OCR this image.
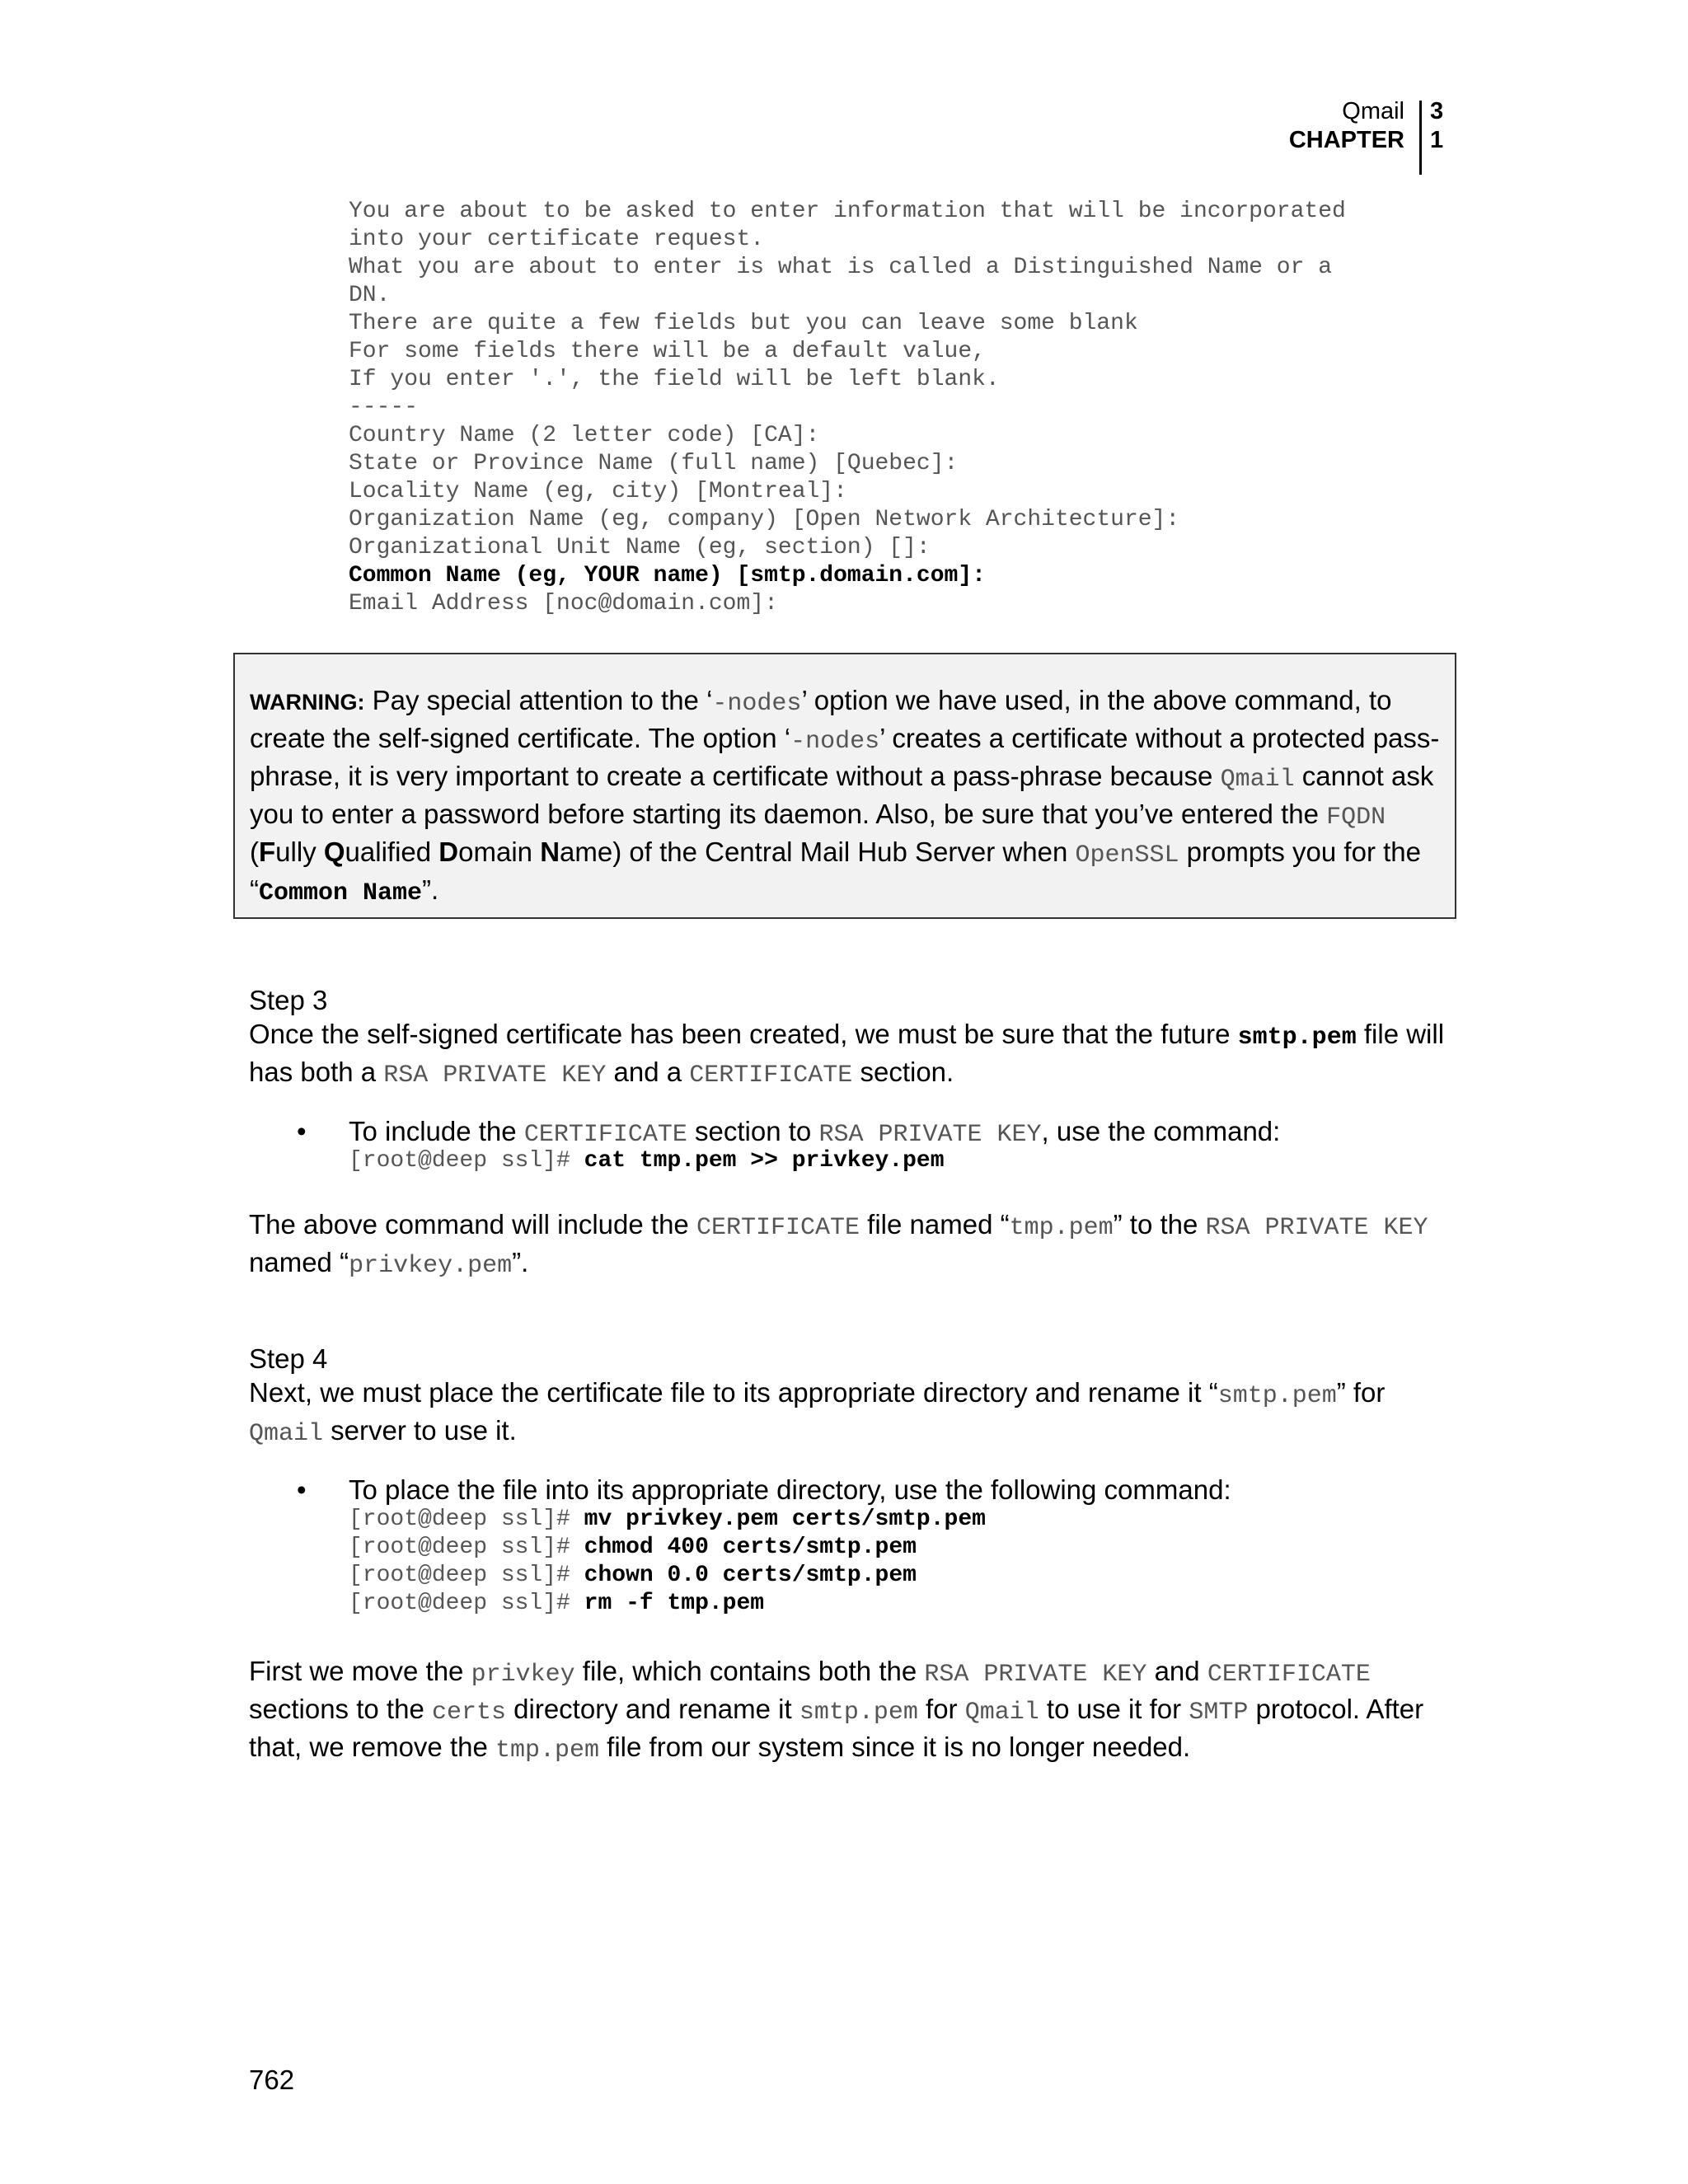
Qmail
CHAPTER
3
1
You are about to be asked to enter information that will be incorporated
into your certificate request.
What you are about to enter is what is called a Distinguished Name or a
DN.
There are quite a few fields but you can leave some blank
For some fields there will be a default value,
If you enter '.', the field will be left blank.
-----
Country Name (2 letter code) [CA]:
State or Province Name (full name) [Quebec]:
Locality Name (eg, city) [Montreal]:
Organization Name (eg, company) [Open Network Architecture]:
Organizational Unit Name (eg, section) []:
Common Name (eg, YOUR name) [smtp.domain.com]:
Email Address [noc@domain.com]:
WARNING: Pay special attention to the ‘-nodes’ option we have used, in the above command, to create the self-signed certificate. The option ‘-nodes’ creates a certificate without a protected pass-phrase, it is very important to create a certificate without a pass-phrase because Qmail cannot ask you to enter a password before starting its daemon. Also, be sure that you’ve entered the FQDN (Fully Qualified Domain Name) of the Central Mail Hub Server when OpenSSL prompts you for the “Common Name”.
Step 3
Once the self-signed certificate has been created, we must be sure that the future smtp.pem file will has both a RSA PRIVATE KEY and a CERTIFICATE section.
• To include the CERTIFICATE section to RSA PRIVATE KEY, use the command:
[root@deep ssl]# cat tmp.pem >> privkey.pem
The above command will include the CERTIFICATE file named “tmp.pem” to the RSA PRIVATE KEY named “privkey.pem”.
Step 4
Next, we must place the certificate file to its appropriate directory and rename it “smtp.pem” for Qmail server to use it.
• To place the file into its appropriate directory, use the following command:
[root@deep ssl]# mv privkey.pem certs/smtp.pem
[root@deep ssl]# chmod 400 certs/smtp.pem
[root@deep ssl]# chown 0.0 certs/smtp.pem
[root@deep ssl]# rm -f tmp.pem
First we move the privkey file, which contains both the RSA PRIVATE KEY and CERTIFICATE sections to the certs directory and rename it smtp.pem for Qmail to use it for SMTP protocol. After that, we remove the tmp.pem file from our system since it is no longer needed.
762
